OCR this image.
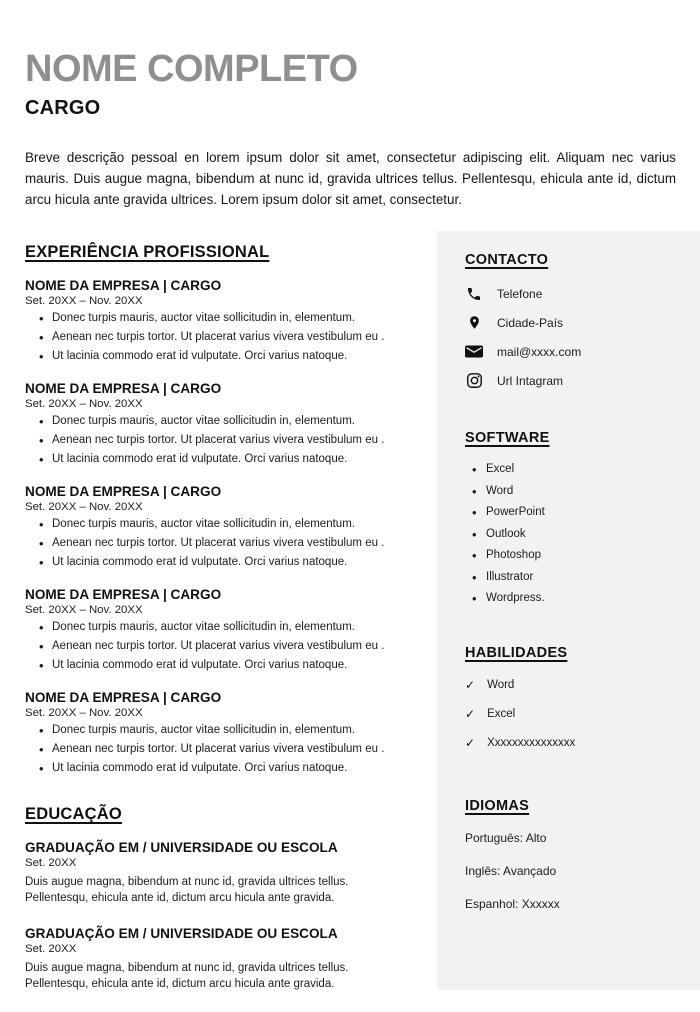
NOME COMPLETO
CARGO

Breve descrição pessoal en lorem ipsum dolor sit amet, consectetur adipiscing elit. Aliquam nec varius mauris. Duis augue magna, bibendum at nunc id, gravida ultrices tellus. Pellentesqu, ehicula ante id, dictum arcu hicula ante gravida ultrices. Lorem ipsum dolor sit amet, consectetur.

EXPERIÊNCIA PROFISSIONAL
NOME DA EMPRESA | CARGO
Set. 20XX – Nov. 20XX
• Donec turpis mauris, auctor vitae sollicitudin in, elementum.
• Aenean nec turpis tortor. Ut placerat varius vivera vestibulum eu .
• Ut lacinia commodo erat id vulputate. Orci varius natoque.
NOME DA EMPRESA | CARGO
Set. 20XX – Nov. 20XX
• Donec turpis mauris, auctor vitae sollicitudin in, elementum.
• Aenean nec turpis tortor. Ut placerat varius vivera vestibulum eu .
• Ut lacinia commodo erat id vulputate. Orci varius natoque.
NOME DA EMPRESA | CARGO
Set. 20XX – Nov. 20XX
• Donec turpis mauris, auctor vitae sollicitudin in, elementum.
• Aenean nec turpis tortor. Ut placerat varius vivera vestibulum eu .
• Ut lacinia commodo erat id vulputate. Orci varius natoque.
NOME DA EMPRESA | CARGO
Set. 20XX – Nov. 20XX
• Donec turpis mauris, auctor vitae sollicitudin in, elementum.
• Aenean nec turpis tortor. Ut placerat varius vivera vestibulum eu .
• Ut lacinia commodo erat id vulputate. Orci varius natoque.
NOME DA EMPRESA | CARGO
Set. 20XX – Nov. 20XX
• Donec turpis mauris, auctor vitae sollicitudin in, elementum.
• Aenean nec turpis tortor. Ut placerat varius vivera vestibulum eu .
• Ut lacinia commodo erat id vulputate. Orci varius natoque.
EDUCAÇÃO
GRADUAÇÃO EM / UNIVERSIDADE OU ESCOLA
Set. 20XX
Duis augue magna, bibendum at nunc id, gravida ultrices tellus.
Pellentesqu, ehicula ante id, dictum arcu hicula ante gravida.
GRADUAÇÃO EM / UNIVERSIDADE OU ESCOLA
Set. 20XX
Duis augue magna, bibendum at nunc id, gravida ultrices tellus.
Pellentesqu, ehicula ante id, dictum arcu hicula ante gravida.
CONTACTO
Telefone
Cidade-País
mail@xxxx.com
Url Intagram
SOFTWARE
• Excel
• Word
• PowerPoint
• Outlook
• Photoshop
• Illustrator
• Wordpress.
HABILIDADES
✓ Word
✓ Excel
✓ Xxxxxxxxxxxxxxx
IDIOMAS
Português: Alto
Inglês: Avançado
Espanhol: Xxxxxx
